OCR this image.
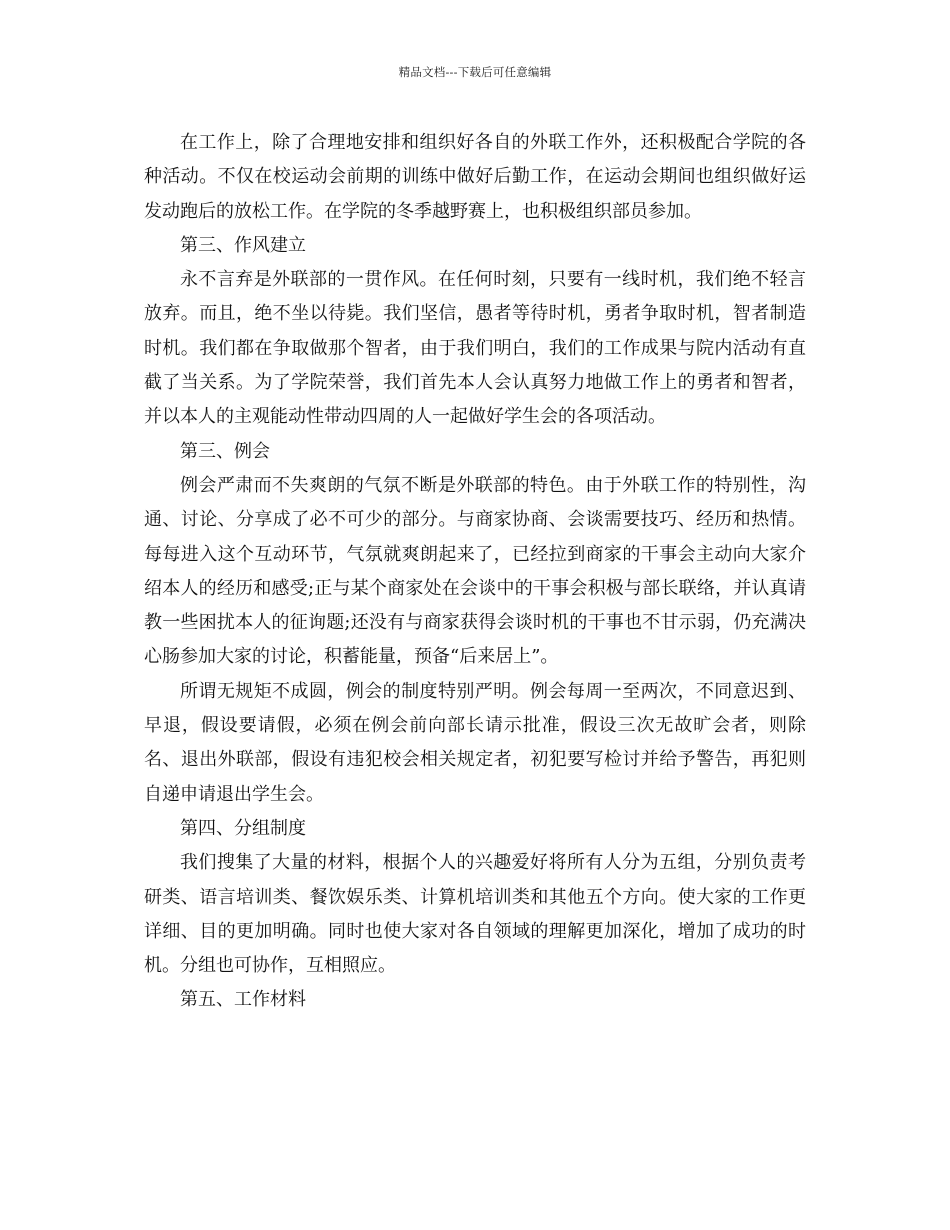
精品文档---下载后可任意编辑

在工作上，除了合理地安排和组织好各自的外联工作外，还积极配合学院的各种活动。不仅在校运动会前期的训练中做好后勤工作，在运动会期间也组织做好运发动跑后的放松工作。在学院的冬季越野赛上，也积极组织部员参加。

第三、作风建立

永不言弃是外联部的一贯作风。在任何时刻，只要有一线时机，我们绝不轻言放弃。而且，绝不坐以待毙。我们坚信，愚者等待时机，勇者争取时机，智者制造时机。我们都在争取做那个智者，由于我们明白，我们的工作成果与院内活动有直截了当关系。为了学院荣誉，我们首先本人会认真努力地做工作上的勇者和智者，并以本人的主观能动性带动四周的人一起做好学生会的各项活动。

第三、例会

例会严肃而不失爽朗的气氛不断是外联部的特色。由于外联工作的特别性，沟通、讨论、分享成了必不可少的部分。与商家协商、会谈需要技巧、经历和热情。每每进入这个互动环节，气氛就爽朗起来了，已经拉到商家的干事会主动向大家介绍本人的经历和感受;正与某个商家处在会谈中的干事会积极与部长联络，并认真请教一些困扰本人的征询题;还没有与商家获得会谈时机的干事也不甘示弱，仍充满决心肠参加大家的讨论，积蓄能量，预备“后来居上”。

所谓无规矩不成圆，例会的制度特别严明。例会每周一至两次，不同意迟到、早退，假设要请假，必须在例会前向部长请示批准，假设三次无故旷会者，则除名、退出外联部，假设有违犯校会相关规定者，初犯要写检讨并给予警告，再犯则自递申请退出学生会。

第四、分组制度

我们搜集了大量的材料，根据个人的兴趣爱好将所有人分为五组，分别负责考研类、语言培训类、餐饮娱乐类、计算机培训类和其他五个方向。使大家的工作更详细、目的更加明确。同时也使大家对各自领域的理解更加深化，增加了成功的时机。分组也可协作，互相照应。

第五、工作材料
